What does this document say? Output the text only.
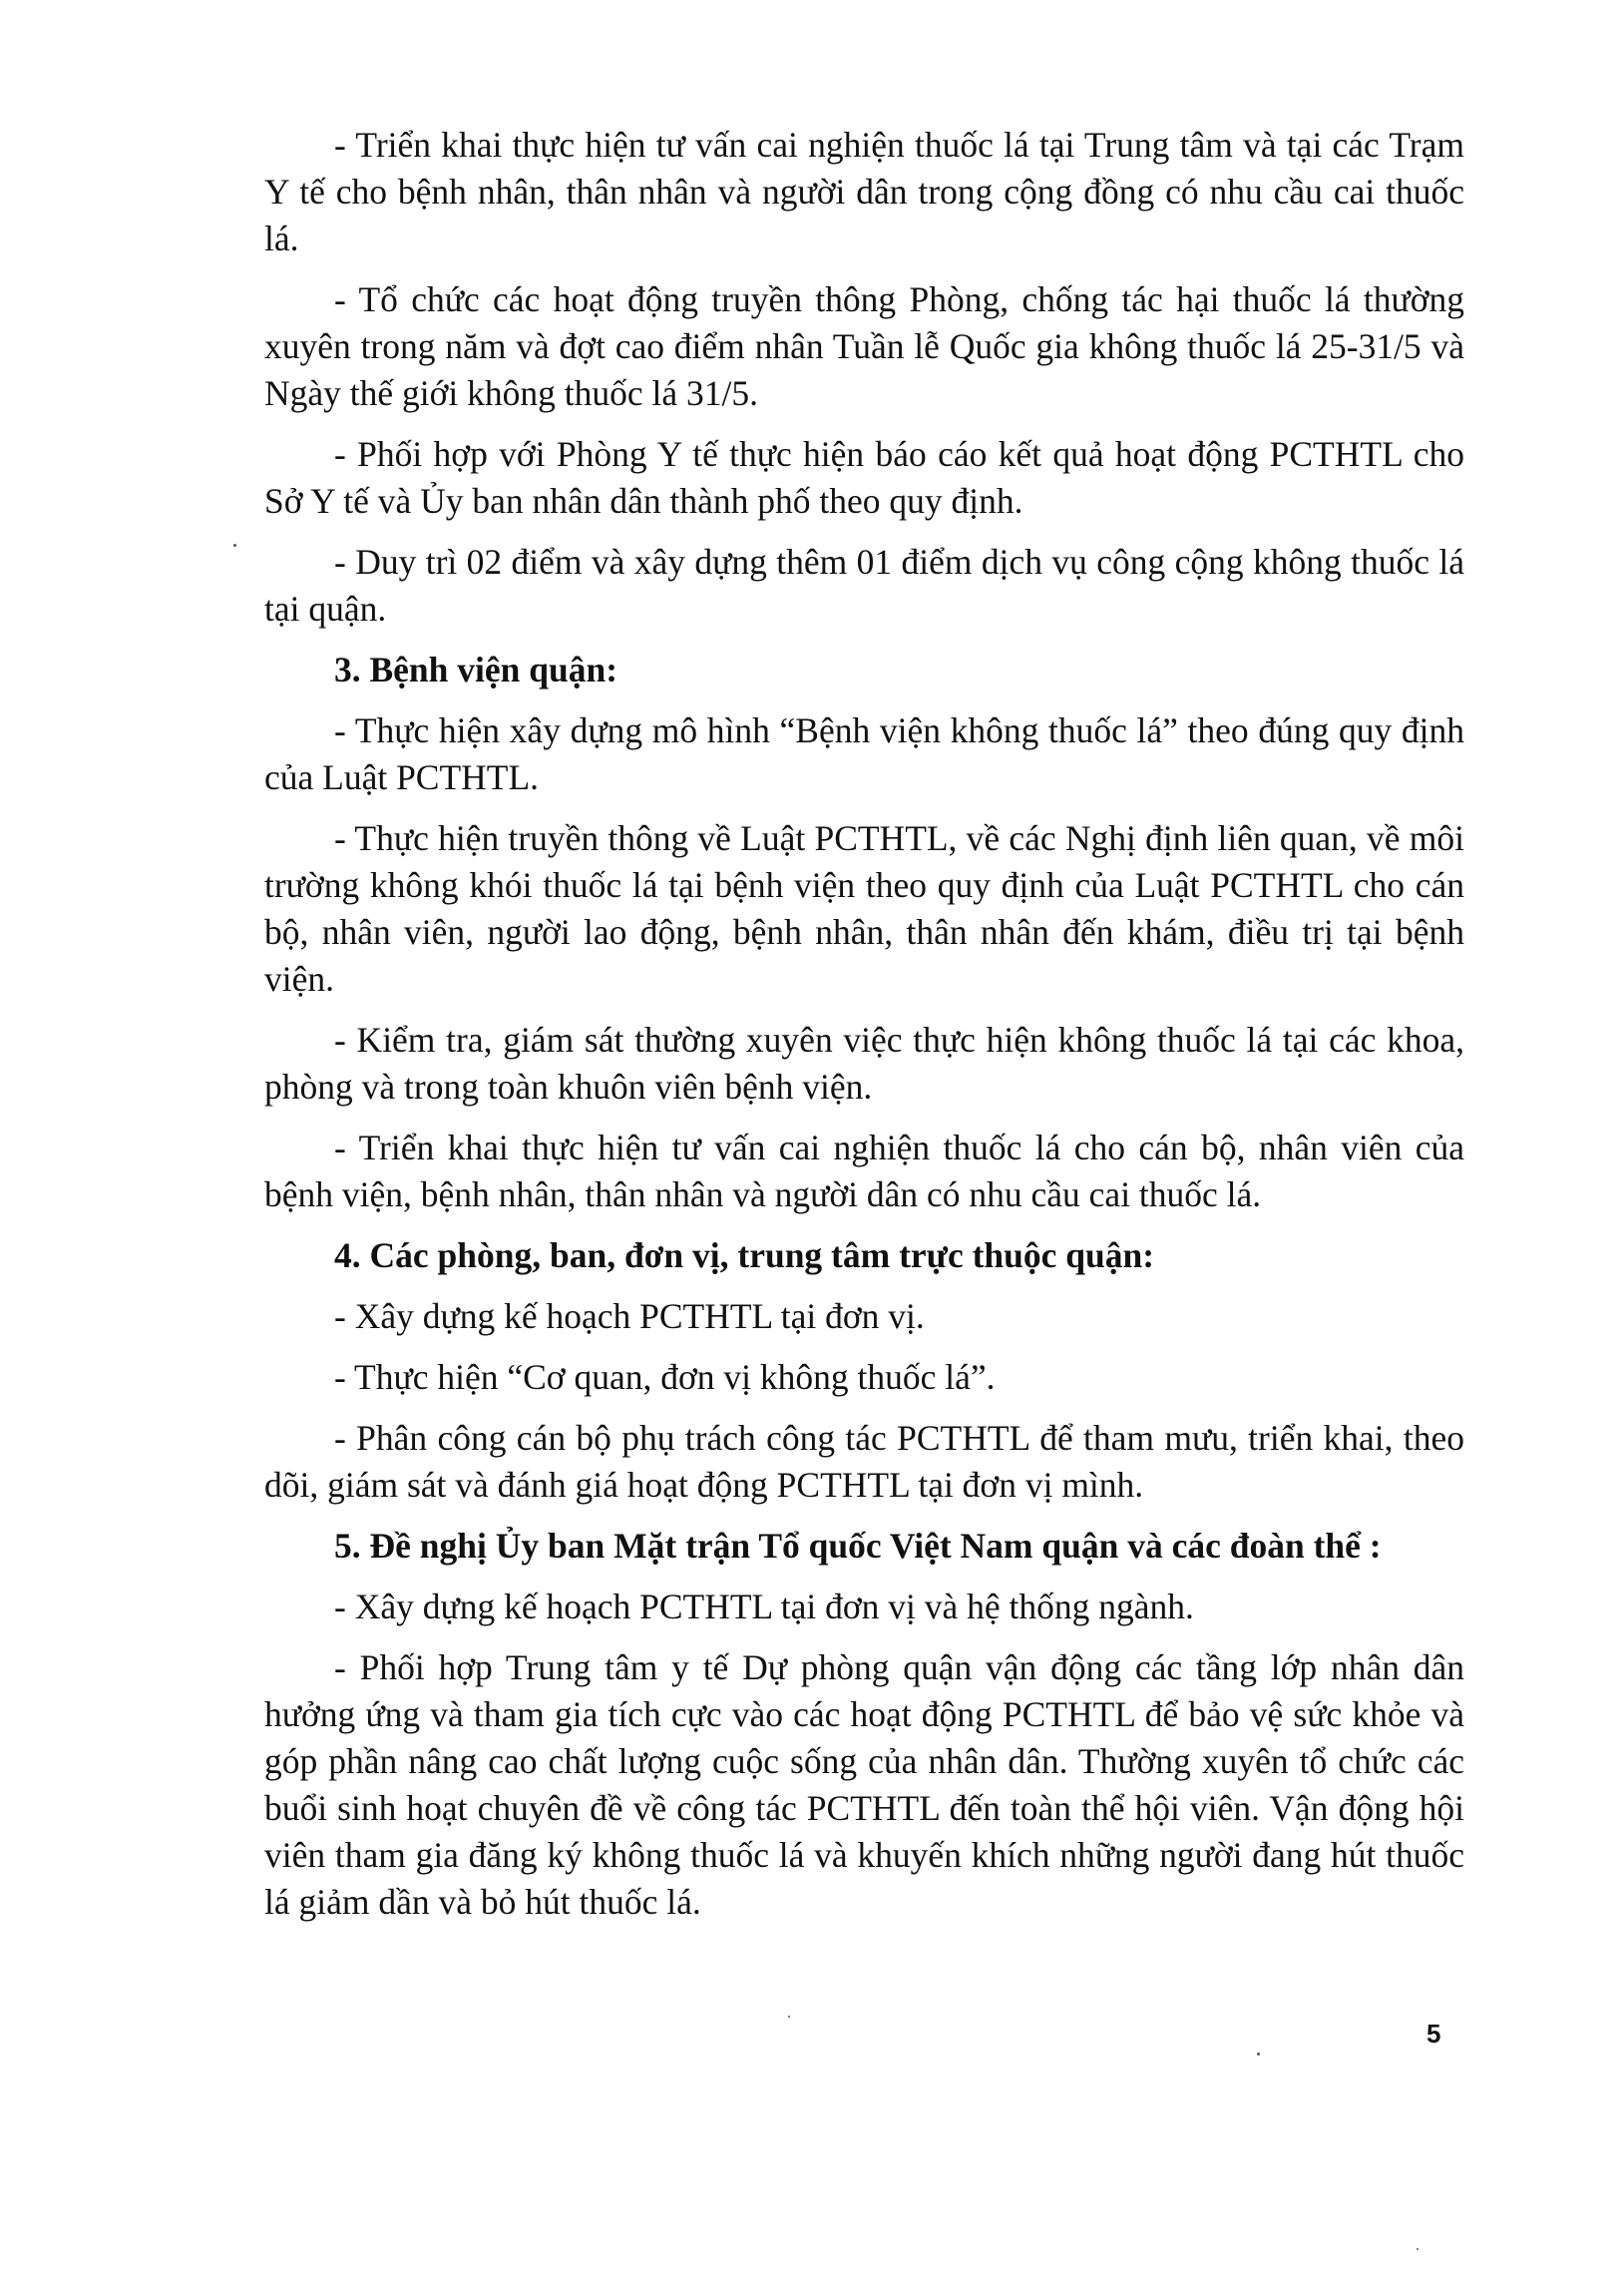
- Triển khai thực hiện tư vấn cai nghiện thuốc lá tại Trung tâm và tại các Trạm Y tế cho bệnh nhân, thân nhân và người dân trong cộng đồng có nhu cầu cai thuốc lá.

- Tổ chức các hoạt động truyền thông Phòng, chống tác hại thuốc lá thường xuyên trong năm và đợt cao điểm nhân Tuần lễ Quốc gia không thuốc lá 25-31/5 và Ngày thế giới không thuốc lá 31/5.

- Phối hợp với Phòng Y tế thực hiện báo cáo kết quả hoạt động PCTHTL cho Sở Y tế và Ủy ban nhân dân thành phố theo quy định.

- Duy trì 02 điểm và xây dựng thêm 01 điểm dịch vụ công cộng không thuốc lá tại quận.

3. Bệnh viện quận:

- Thực hiện xây dựng mô hình “Bệnh viện không thuốc lá” theo đúng quy định của Luật PCTHTL.

- Thực hiện truyền thông về Luật PCTHTL, về các Nghị định liên quan, về môi trường không khói thuốc lá tại bệnh viện theo quy định của Luật PCTHTL cho cán bộ, nhân viên, người lao động, bệnh nhân, thân nhân đến khám, điều trị tại bệnh viện.

- Kiểm tra, giám sát thường xuyên việc thực hiện không thuốc lá tại các khoa, phòng và trong toàn khuôn viên bệnh viện.

- Triển khai thực hiện tư vấn cai nghiện thuốc lá cho cán bộ, nhân viên của bệnh viện, bệnh nhân, thân nhân và người dân có nhu cầu cai thuốc lá.

4. Các phòng, ban, đơn vị, trung tâm trực thuộc quận:

- Xây dựng kế hoạch PCTHTL tại đơn vị.

- Thực hiện “Cơ quan, đơn vị không thuốc lá”.

- Phân công cán bộ phụ trách công tác PCTHTL để tham mưu, triển khai, theo dõi, giám sát và đánh giá hoạt động PCTHTL tại đơn vị mình.

5. Đề nghị Ủy ban Mặt trận Tổ quốc Việt Nam quận và các đoàn thể :

- Xây dựng kế hoạch PCTHTL tại đơn vị và hệ thống ngành.

- Phối hợp Trung tâm y tế Dự phòng quận vận động các tầng lớp nhân dân hưởng ứng và tham gia tích cực vào các hoạt động PCTHTL để bảo vệ sức khỏe và góp phần nâng cao chất lượng cuộc sống của nhân dân. Thường xuyên tổ chức các buổi sinh hoạt chuyên đề về công tác PCTHTL đến toàn thể hội viên. Vận động hội viên tham gia đăng ký không thuốc lá và khuyến khích những người đang hút thuốc lá giảm dần và bỏ hút thuốc lá.

5
